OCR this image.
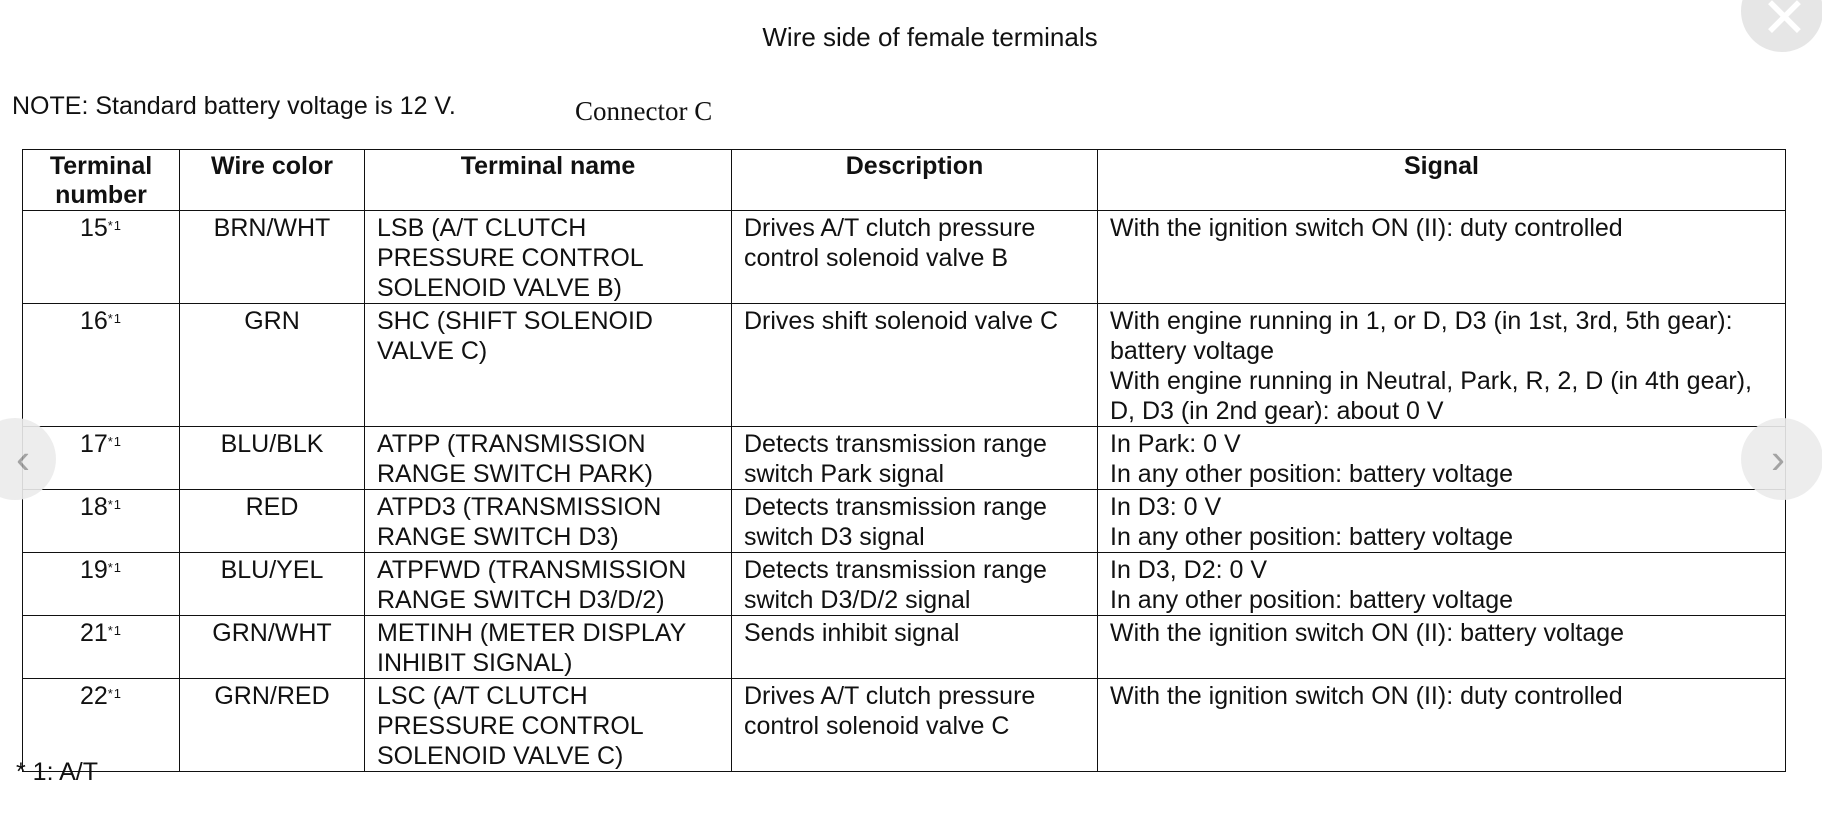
Wire side of female terminals
NOTE: Standard battery voltage is 12 V.	Connector C
Terminal number	Wire color	Terminal name	Description	Signal
15$^{*1}$	BRN/WHT	LSB (A/T CLUTCH PRESSURE CONTROL SOLENOID VALVE B)	Drives A/T clutch pressure control solenoid valve B	With the ignition switch ON (II): duty controlled

16$^{*1}$	GRN	SHC (SHIFT SOLENOID VALVE C)	Drives shift solenoid valve C	With engine running in 1, or D, D3 (in 1st, 3rd, 5th gear): battery voltage
With engine running in Neutral, Park, R, 2, D (in 4th gear), D, D3 (in 2nd gear): about 0 V

17$^{*1}$	BLU/BLK	ATPP (TRANSMISSION RANGE SWITCH PARK)	Detects transmission range switch Park signal	In Park: 0 V
In any other position: battery voltage

18$^{*1}$	RED	ATPD3 (TRANSMISSION RANGE SWITCH D3)	Detects transmission range switch D3 signal	In D3: 0 V
In any other position: battery voltage

19$^{*1}$	BLU/YEL	ATPFWD (TRANSMISSION RANGE SWITCH D3/D/2)	Detects transmission range switch D3/D/2 signal	In D3, D2: 0 V
In any other position: battery voltage

21$^{*1}$	GRN/WHT	METINH (METER DISPLAY INHIBIT SIGNAL)	Sends inhibit signal	With the ignition switch ON (II): battery voltage

22$^{*1}$	GRN/RED	LSC (A/T CLUTCH PRESSURE CONTROL SOLENOID VALVE C)	Drives A/T clutch pressure control solenoid valve C	With the ignition switch ON (II): duty controlled
* 1: A/T
✕
‹	›
